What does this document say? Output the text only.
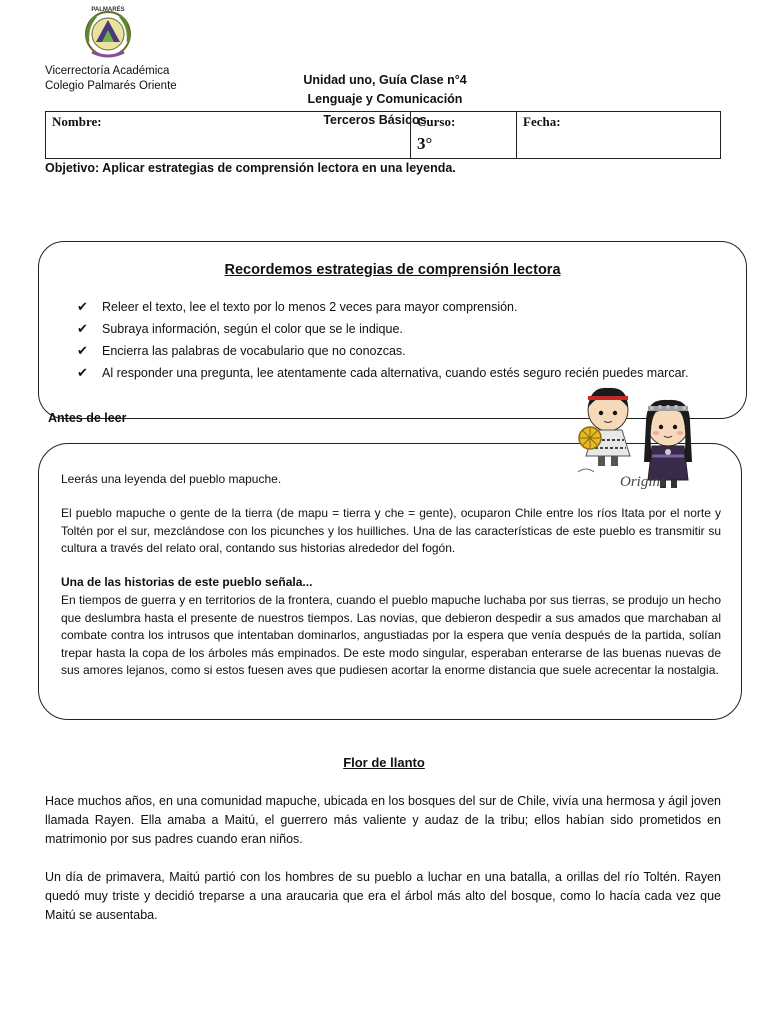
PALMARÉS
Vicerrectoría Académica
Colegio Palmarés Oriente	Unidad uno, Guía Clase n°4
Lenguaje y Comunicación
Terceros Básicos
Nombre:	Curso:
3°
Fecha:
Objetivo: Aplicar estrategias de comprensión lectora en una leyenda.
Recordemos estrategias de comprensión lectora
✔ Releer el texto, lee el texto por lo menos 2 veces para mayor comprensión.
✔ Subraya información, según el color que se le indique.
✔ Encierra las palabras de vocabulario que no conozcas.
✔ Al responder una pregunta, lee atentamente cada alternativa, cuando estés seguro recién puedes marcar.
Antes de leer
Leerás una leyenda del pueblo mapuche.
El pueblo mapuche o gente de la tierra (de mapu = tierra y che = gente), ocuparon Chile entre los ríos Itata por el norte y Toltén por el sur, mezclándose con los picunches y los huilliches. Una de las características de este pueblo es transmitir su cultura a través del relato oral, contando sus historias alrededor del fogón.
Una de las historias de este pueblo señala...
En tiempos de guerra y en territorios de la frontera, cuando el pueblo mapuche luchaba por sus tierras, se produjo un hecho que deslumbra hasta el presente de nuestros tiempos. Las novias, que debieron despedir a sus amados que marchaban al combate contra los intrusos que intentaban dominarlos, angustiadas por la espera que venía después de la partida, solían trepar hasta la copa de los árboles más empinados. De este modo singular, esperaban enterarse de las buenas nuevas de sus amores lejanos, como si estos fuesen aves que pudiesen acortar la enorme distancia que suele acrecentar la nostalgia.
Origins
Flor de llanto
Hace muchos años, en una comunidad mapuche, ubicada en los bosques del sur de Chile, vivía una hermosa y ágil joven llamada Rayen. Ella amaba a Maitú, el guerrero más valiente y audaz de la tribu; ellos habían sido prometidos en matrimonio por sus padres cuando eran niños.
Un día de primavera, Maitú partió con los hombres de su pueblo a luchar en una batalla, a orillas del río Toltén. Rayen quedó muy triste y decidió treparse a una araucaria que era el árbol más alto del bosque, como lo hacía cada vez que Maitú se ausentaba.
